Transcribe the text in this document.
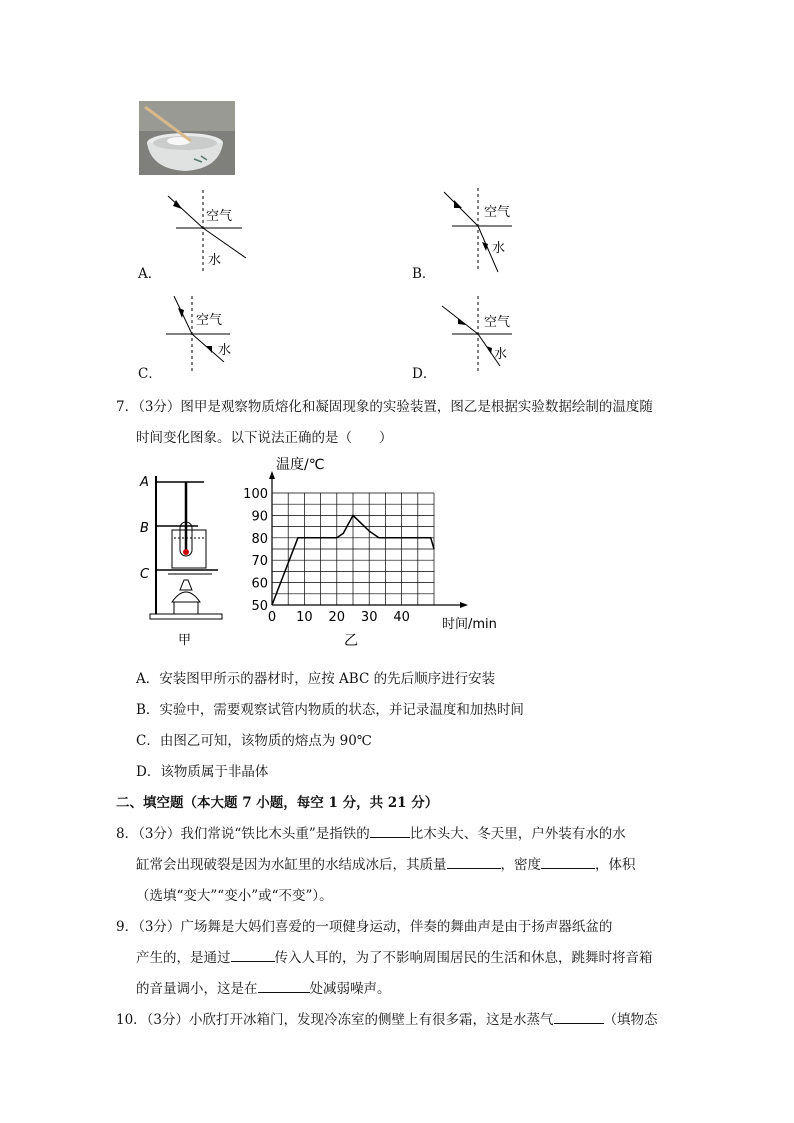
空气
水
A．
空气
水
B．
空气
水
C．
空气
水
D．
7．（3分）图甲是观察物质熔化和凝固现象的实验装置，图乙是根据实验数据绘制的温度随
时间变化图象。以下说法正确的是（　　）
A
B
C
甲
50
60
70
80
90
100
0 10 20 30 40
温度/℃
时间/min
乙
A．安装图甲所示的器材时，应按 ABC 的先后顺序进行安装
B．实验中，需要观察试管内物质的状态，并记录温度和加热时间
C．由图乙可知，该物质的熔点为 90℃
D．该物质属于非晶体
二、填空题（本大题 7 小题，每空 1 分，共 21 分）
8．（3分）我们常说“铁比木头重”是指铁的	比木头大、冬天里，户外装有水的水
缸常会出现破裂是因为水缸里的水结成冰后，其质量	，密度	，体积
（选填“变大”“变小”或“不变”）。
9．（3分）广场舞是大妈们喜爱的一项健身运动，伴奏的舞曲声是由于扬声器纸盆的
产生的，是通过	传入人耳的，为了不影响周围居民的生活和休息，跳舞时将音箱
的音量调小，这是在	处减弱噪声。
10．（3分）小欣打开冰箱门，发现冷冻室的侧壁上有很多霜，这是水蒸气	（填物态
